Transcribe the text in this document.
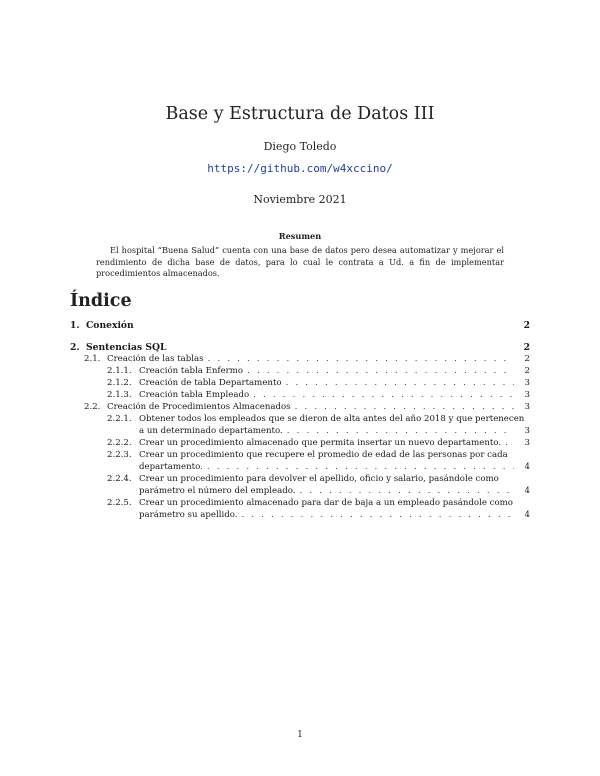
Base y Estructura de Datos III
Diego Toledo
https://github.com/w4xccino/
Noviembre 2021
Resumen
El hospital “Buena Salud” cuenta con una base de datos pero desea automatizar y mejorar el rendimiento de dicha base de datos, para lo cual le contrata a Ud. a fin de implementar procedimientos almacenados.
Índice
1. Conexión	2
2. Sentencias SQL	2
2.1. Creación de las tablas . . .	2
2.1.1. Creación tabla Enfermo . . .	2
2.1.2. Creación de tabla Departamento . . .	3
2.1.3. Creación tabla Empleado . . .	3
2.2. Creación de Procedimientos Almacenados . . .	3
2.2.1. Obtener todos los empleados que se dieron de alta antes del año 2018 y que pertenecen
a un determinado departamento. . . .	3
2.2.2. Crear un procedimiento almacenado que permita insertar un nuevo departamento. . . .	3
2.2.3. Crear un procedimiento que recupere el promedio de edad de las personas por cada
departamento. . . .	4
2.2.4. Crear un procedimiento para devolver el apellido, oficio y salario, pasándole como
parámetro el número del empleado. . . .	4
2.2.5. Crear un procedimiento almacenado para dar de baja a un empleado pasándole como
parámetro su apellido. . . .	4
1
